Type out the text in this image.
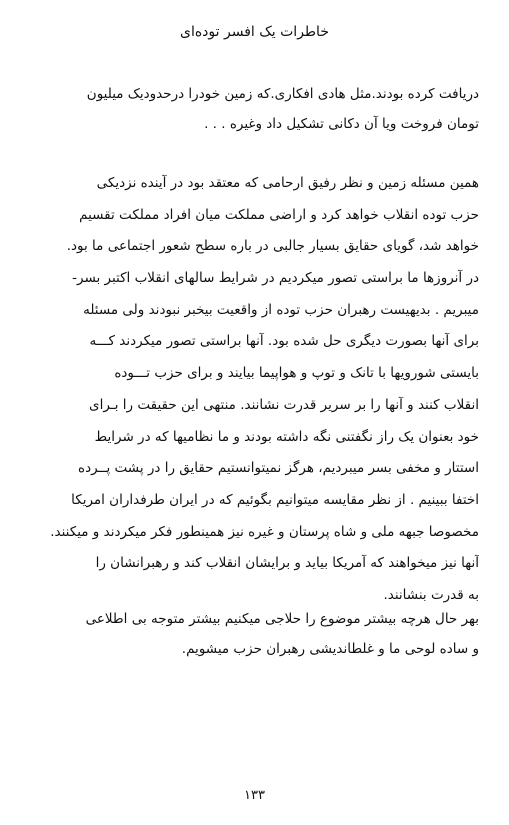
خاطرات یک افسر توده‌ای
دریافت کرده بودند.مثل هادی افکاری.که زمین خودرا درحدودیک میلیون
تومان فروخت ویا آن دکانی تشکیل داد وغیره . . .
همین مسئله زمین و نظر رفیق ارحامی که معتقد بود در آینده نزدیکی
حزب توده انقلاب خواهد کرد و اراضی مملکت میان افراد مملکت تقسیم
خواهد شد، گویای حقایق بسیار جالبی در باره سطح شعور اجتماعی ما بود.
در آنروزها ما براستی تصور میکردیم در شرایط سالهای انقلاب اکتبر بسر-
میبریم . بدیهیست رهبران حزب توده از واقعیت بیخبر نبودند ولی مسئله
برای آنها بصورت دیگری حل شده بود. آنها براستی تصور میکردند کـــه
بایستی شورویها با تانک و توپ و هواپیما بیایند و برای حزب تـــوده
انقلاب کنند و آنها را بر سریر قدرت نشانند. منتهی این حقیقت را بـرای
خود بعنوان یک راز نگفتنی نگه داشته بودند و ما نظامیها که در شرایط
استتار و مخفی بسر میبردیم، هرگز نمیتوانستیم حقایق را در پشت پــرده
اختفا ببینیم . از نظر مقایسه میتوانیم بگوئیم که در ایران طرفداران امریکا
مخصوصا جبهه ملی و شاه پرستان و غیره نیز همینطور فکر میکردند و میکنند.
آنها نیز میخواهند که آمریکا بیاید و برایشان انقلاب کند و رهبرانشان را
به قدرت بنشانند.
بهر حال هرچه بیشتر موضوع را حلاجی میکنیم بیشتر متوجه بی اطلاعی
و ساده لوحی ما و غلطاندیشی رهبران حزب میشویم.
۱۳۳
